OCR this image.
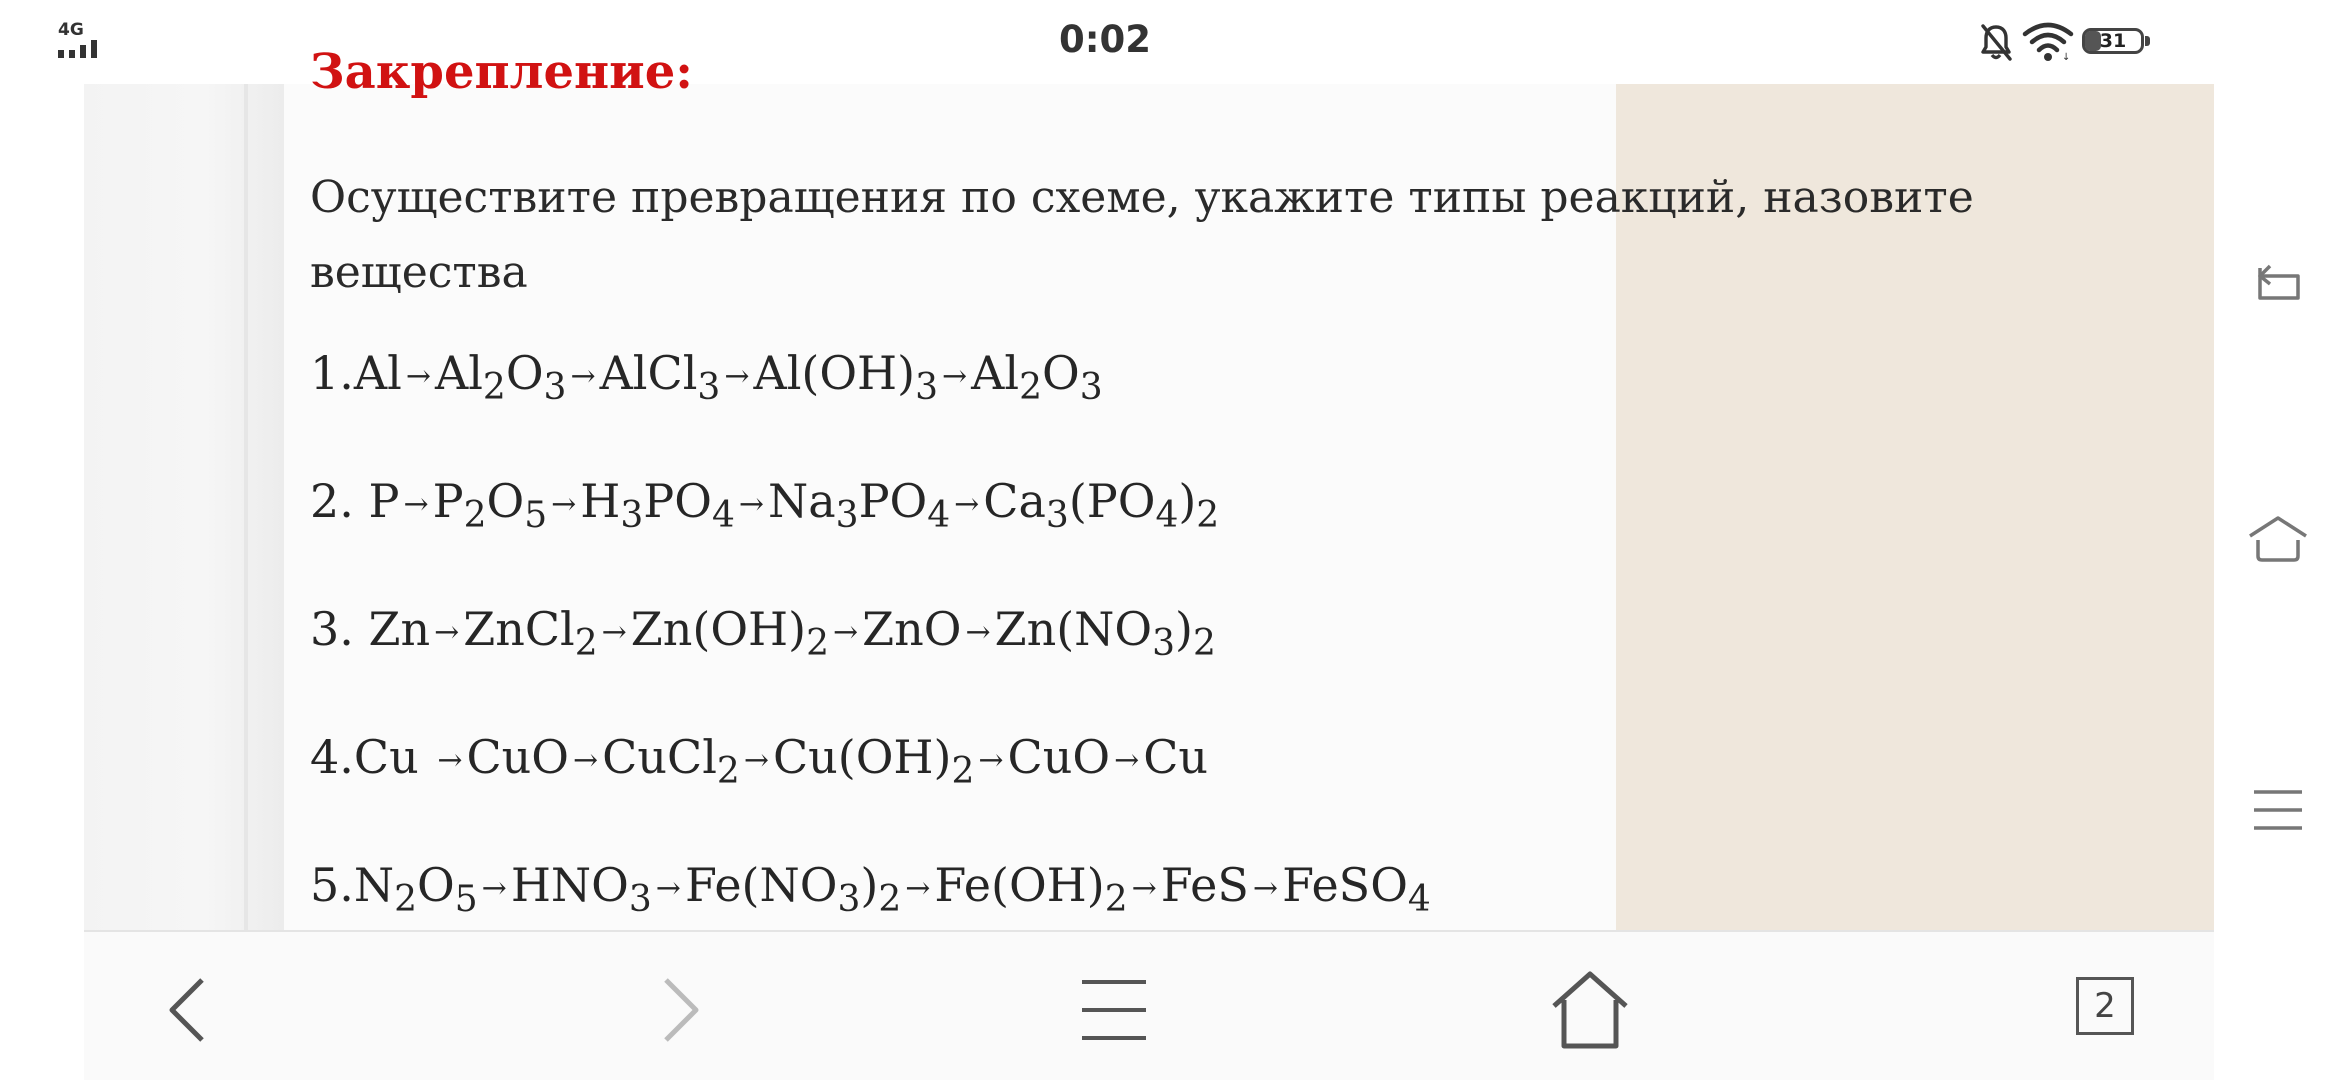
4G	0:02	↓
31
Закрепление:
Осуществите превращения по схеме, укажите типы реакций, назовите вещества
$1.Al \to Al_2O_3$ →AlCl$_3$ $\to Al(OH)_3 \to Al_2O_3$
2. $P \to P_2O_5 \to H_3PO_4 \to Na_3PO_4 \to Ca_3(PO_4)_2$
3. Zn →ZnCl$_2$ $\to Zn(OH)_2 \to ZnO \to Zn(NO_3)_2$
4.Cu →CuO →CuCl$_2$ $\to Cu(OH)_2 \to CuO \to Cu$
$5.N_2O_5 \to HNO_3 \to Fe(NO_3)_2 \to Fe(OH)_2 \to FeS$ →FeSO$_4$
2
